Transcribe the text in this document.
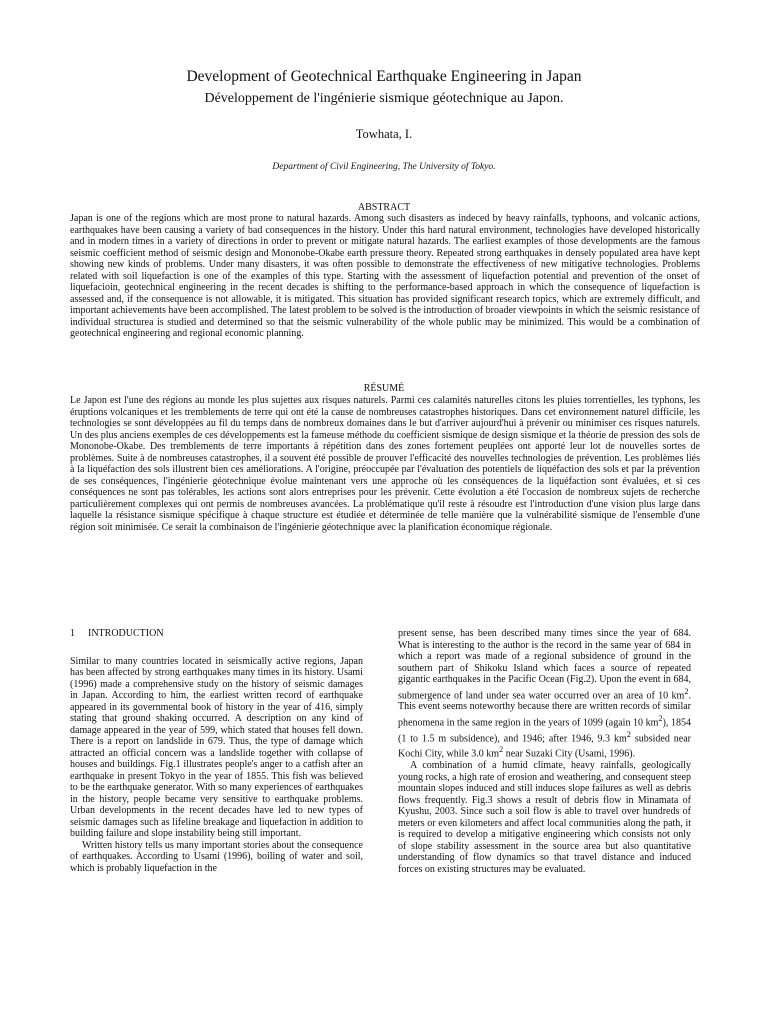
Development of Geotechnical Earthquake Engineering in Japan
Développement de l'ingénierie sismique géotechnique au Japon.
Towhata, I.
Department of Civil Engineering, The University of Tokyo.
ABSTRACT
Japan is one of the regions which are most prone to natural hazards. Among such disasters as indeced by heavy rainfalls, typhoons, and volcanic actions, earthquakes have been causing a variety of bad consequences in the history. Under this hard natural environment, technologies have developed historically and in modern times in a variety of directions in order to prevent or mitigate natural hazards. The earliest examples of those developments are the famous seismic coefficient method of seismic design and Mononobe-Okabe earth pressure theory. Repeated strong earthquakes in densely populated area have kept showing new kinds of problems. Under many disasters, it was often possible to demonstrate the effectiveness of new mitigative technologies. Problems related with soil liquefaction is one of the examples of this type. Starting with the assessment of liquefaction potential and prevention of the onset of liquefacioin, geotechnical engineering in the recent decades is shifting to the performance-based approach in which the consequence of liquefaction is assessed and, if the consequence is not allowable, it is mitigated. This situation has provided significant research topics, which are extremely difficult, and important achievements have been accomplished. The latest problem to be solved is the introduction of broader viewpoints in which the seismic resistance of individual structurea is studied and determined so that the seismic vulnerability of the whole public may be minimized. This would be a combination of geotechnical engineering and regional economic planning.
RÉSUMÉ
Le Japon est l'une des régions au monde les plus sujettes aux risques naturels. Parmi ces calamités naturelles citons les pluies torrentielles, les typhons, les éruptions volcaniques et les tremblements de terre qui ont été la cause de nombreuses catastrophes historiques. Dans cet environnement naturel difficile, les technologies se sont développées au fil du temps dans de nombreux domaines dans le but d'arriver aujourd'hui à prévenir ou minimiser ces risques naturels. Un des plus anciens exemples de ces développements est la fameuse méthode du coefficient sismique de design sismique et la théorie de pression des sols de Mononobe-Okabe. Des tremblements de terre importants à répétition dans des zones fortement peuplées ont apporté leur lot de nouvelles sortes de problèmes. Suite à de nombreuses catastrophes, il a souvent été possible de prouver l'efficacité des nouvelles technologies de prévention. Les problèmes liés à la liquéfaction des sols illustrent bien ces améliorations. A l'origine, préoccupée par l'évaluation des potentiels de liquéfaction des sols et par la prévention de ses conséquences, l'ingénierie géotechnique évolue maintenant vers une approche où les conséquences de la liquéfaction sont évaluées, et si ces conséquences ne sont pas tolérables, les actions sont alors entreprises pour les prévenir. Cette évolution a été l'occasion de nombreux sujets de recherche particulièrement complexes qui ont permis de nombreuses avancées. La problématique qu'il reste à résoudre est l'introduction d'une vision plus large dans laquelle la résistance sismique spécifique à chaque structure est étudiée et déterminée de telle manière que la vulnérabilité sismique de l'ensemble d'une région soit minimisée. Ce serait la combinaison de l'ingénierie géotechnique avec la planification économique régionale.
1 INTRODUCTION

Similar to many countries located in seismically active regions, Japan has been affected by strong earthquakes many times in its history. Usami (1996) made a comprehensive study on the history of seismic damages in Japan. According to him, the earliest written record of earthquake appeared in its governmental book of history in the year of 416, simply stating that ground shaking occurred. A description on any kind of damage appeared in the year of 599, which stated that houses fell down. There is a report on landslide in 679. Thus, the type of damage which attracted an official concern was a landslide together with collapse of houses and buildings. Fig.1 illustrates people's anger to a catfish after an earthquake in present Tokyo in the year of 1855. This fish was believed to be the earthquake generator. With so many experiences of earthquakes in the history, people became very sensitive to earthquake problems. Urban developments in the recent decades have led to new types of seismic damages such as lifeline breakage and liquefaction in addition to building failure and slope instability being still important.

Written history tells us many important stories about the consequence of earthquakes. According to Usami (1996), boiling of water and soil, which is probably liquefaction in the

present sense, has been described many times since the year of 684. What is interesting to the author is the record in the same year of 684 in which a report was made of a regional subsidence of ground in the southern part of Shikoku Island which faces a source of repeated gigantic earthquakes in the Pacific Ocean (Fig.2). Upon the event in 684, submergence of land under sea water occurred over an area of 10 $km^2$. This event seems noteworthy because there are written records of similar phenomena in the same region in the years of 1099 (again 10 $km^2$), 1854 (1 to 1.5 m subsidence), and 1946; after 1946, 9.3 $km^2$ subsided near Kochi City, while 3.0 $km^2$ near Suzaki City (Usami, 1996).

A combination of a humid climate, heavy rainfalls, geologically young rocks, a high rate of erosion and weathering, and consequent steep mountain slopes induced and still induces slope failures as well as debris flows frequently. Fig.3 shows a result of debris flow in Minamata of Kyushu, 2003. Since such a soil flow is able to travel over hundreds of meters or even kilometers and affect local communities along the path, it is required to develop a mitigative engineering which consists not only of slope stability assessment in the source area but also quantitative understanding of flow dynamics so that travel distance and induced forces on existing structures may be evaluated.
